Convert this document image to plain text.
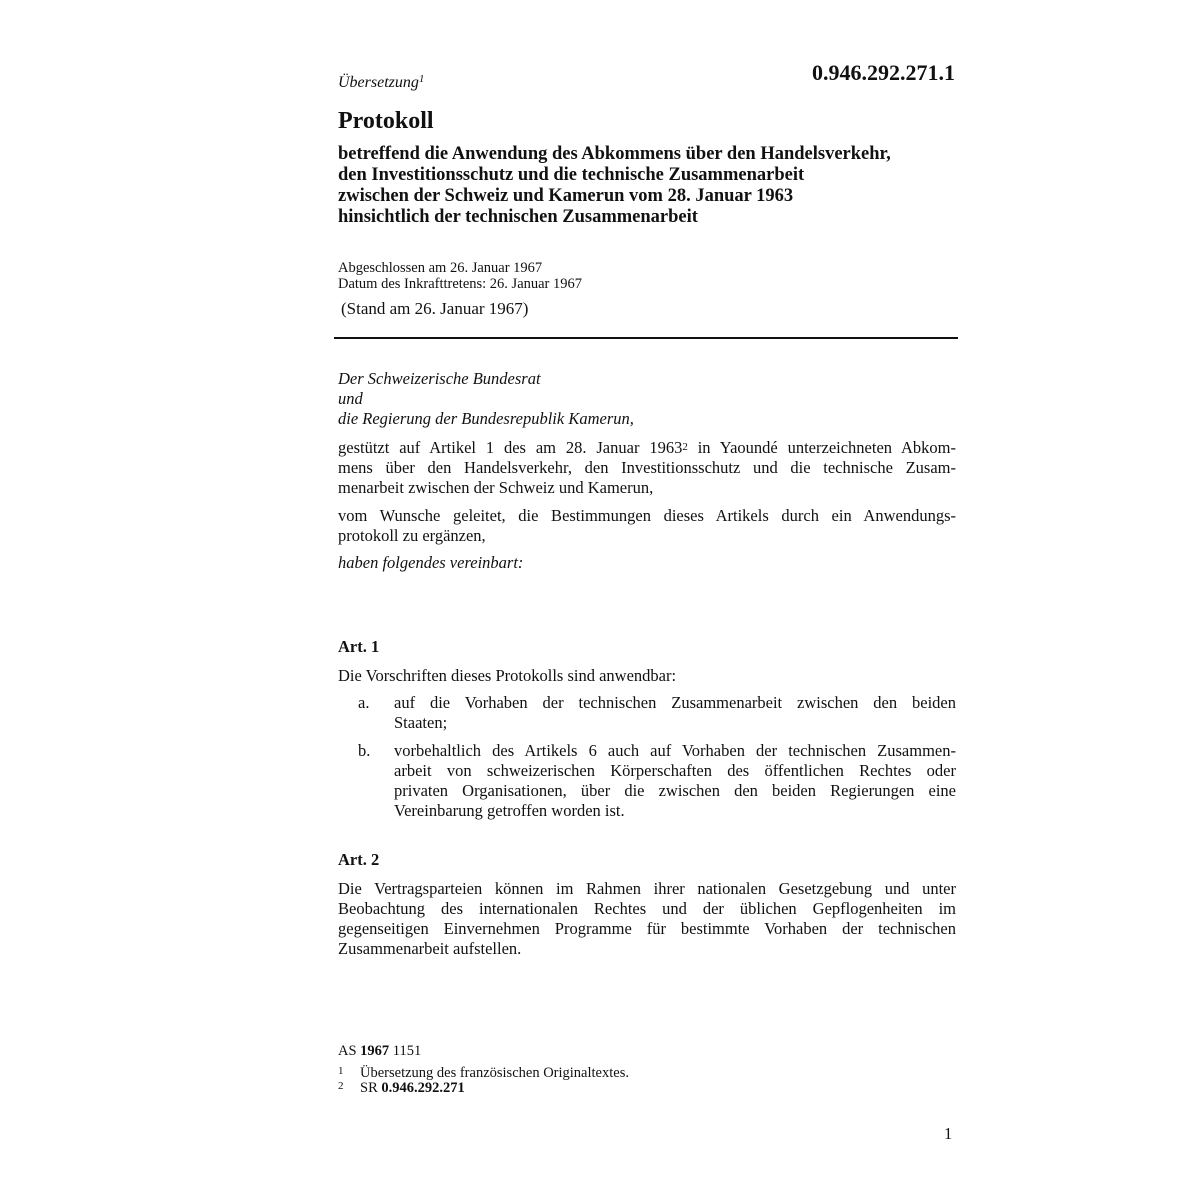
0.946.292.271.1
Übersetzung$^1$
Protokoll
betreffend die Anwendung des Abkommens über den Handelsverkehr,
den Investitionsschutz und die technische Zusammenarbeit
zwischen der Schweiz und Kamerun vom 28. Januar 1963
hinsichtlich der technischen Zusammenarbeit
Abgeschlossen am 26. Januar 1967
Datum des Inkrafttretens: 26. Januar 1967
(Stand am 26. Januar 1967)
Der Schweizerische Bundesrat
und
die Regierung der Bundesrepublik Kamerun,
gestützt auf Artikel 1 des am 28. Januar 1963$^2$ in Yaoundé unterzeichneten Abkom-
mens über den Handelsverkehr, den Investitionsschutz und die technische Zusam-
menarbeit zwischen der Schweiz und Kamerun,
vom Wunsche geleitet, die Bestimmungen dieses Artikels durch ein Anwendungs-
protokoll zu ergänzen,
haben folgendes vereinbart:
Art. 1
Die Vorschriften dieses Protokolls sind anwendbar:
a. auf die Vorhaben der technischen Zusammenarbeit zwischen den beiden
Staaten;
b. vorbehaltlich des Artikels 6 auch auf Vorhaben der technischen Zusammen-
arbeit von schweizerischen Körperschaften des öffentlichen Rechtes oder
privaten Organisationen, über die zwischen den beiden Regierungen eine
Vereinbarung getroffen worden ist.
Art. 2
Die Vertragsparteien können im Rahmen ihrer nationalen Gesetzgebung und unter
Beobachtung des internationalen Rechtes und der üblichen Gepflogenheiten im
gegenseitigen Einvernehmen Programme für bestimmte Vorhaben der technischen
Zusammenarbeit aufstellen.
AS 1967 1151
1 Übersetzung des französischen Originaltextes.
2 SR 0.946.292.271
1
